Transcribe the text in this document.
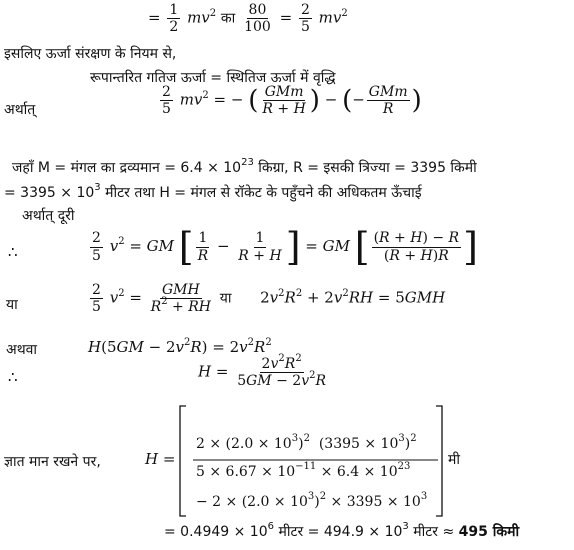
= $\frac{1}{2} mv^2$ का $\frac{80}{100} = \frac{2}{5} mv^2$
इसलिए ऊर्जा संरक्षण के नियम से,
रूपान्तरित गतिज ऊर्जा = स्थितिज ऊर्जा में वृद्धि
अर्थात्	$\frac{2}{5} mv^2$ = − ( $\frac{\text{GMm}}{R + H}$ ) − (− $\frac{\text{GMm}}{R}$ )
जहाँ M = मंगल का द्रव्यमान = $6.4 \times 10^{23}$ किग्रा, R = इसकी त्रिज्या = 3395 किमी
= $3395 \times 10^3$ मीटर तथा H = मंगल से रॉकेट के पहुँचने की अधिकतम ऊँचाई
अर्थात् दूरी
∴	$\frac{2}{5} v^2$ = GM [ $\frac{1}{R} - \frac{1}{R + H}$ ] = GM [ $\frac{(R + H) - R}{(R + H)R}$ ]
या	$\frac{2}{5} v^2 = \frac{\text{GMH}}{R^2 + RH}$ या      $2v^2R^2 + 2v^2RH = 5GMH$
अथवा	$H(5GM - 2v^2R) = 2v^2R^2$
∴	$H = \frac{2v^2R^2}{5GM - 2v^2R}$
ज्ञात मान रखने पर,	H =
$2 \times (2.0 \times 10^3)^2$  $(3395 \times 10^3)^2$
$5 \times 6.67 \times 10^{-11} \times 6.4 \times 10^{23}$
− $2 \times (2.0 \times 10^3)^2 \times 3395 \times 10^3$
मी
= $0.4949 \times 10^6$ मीटर = $494.9 \times 10^3$ मीटर ≈ 495 किमी
